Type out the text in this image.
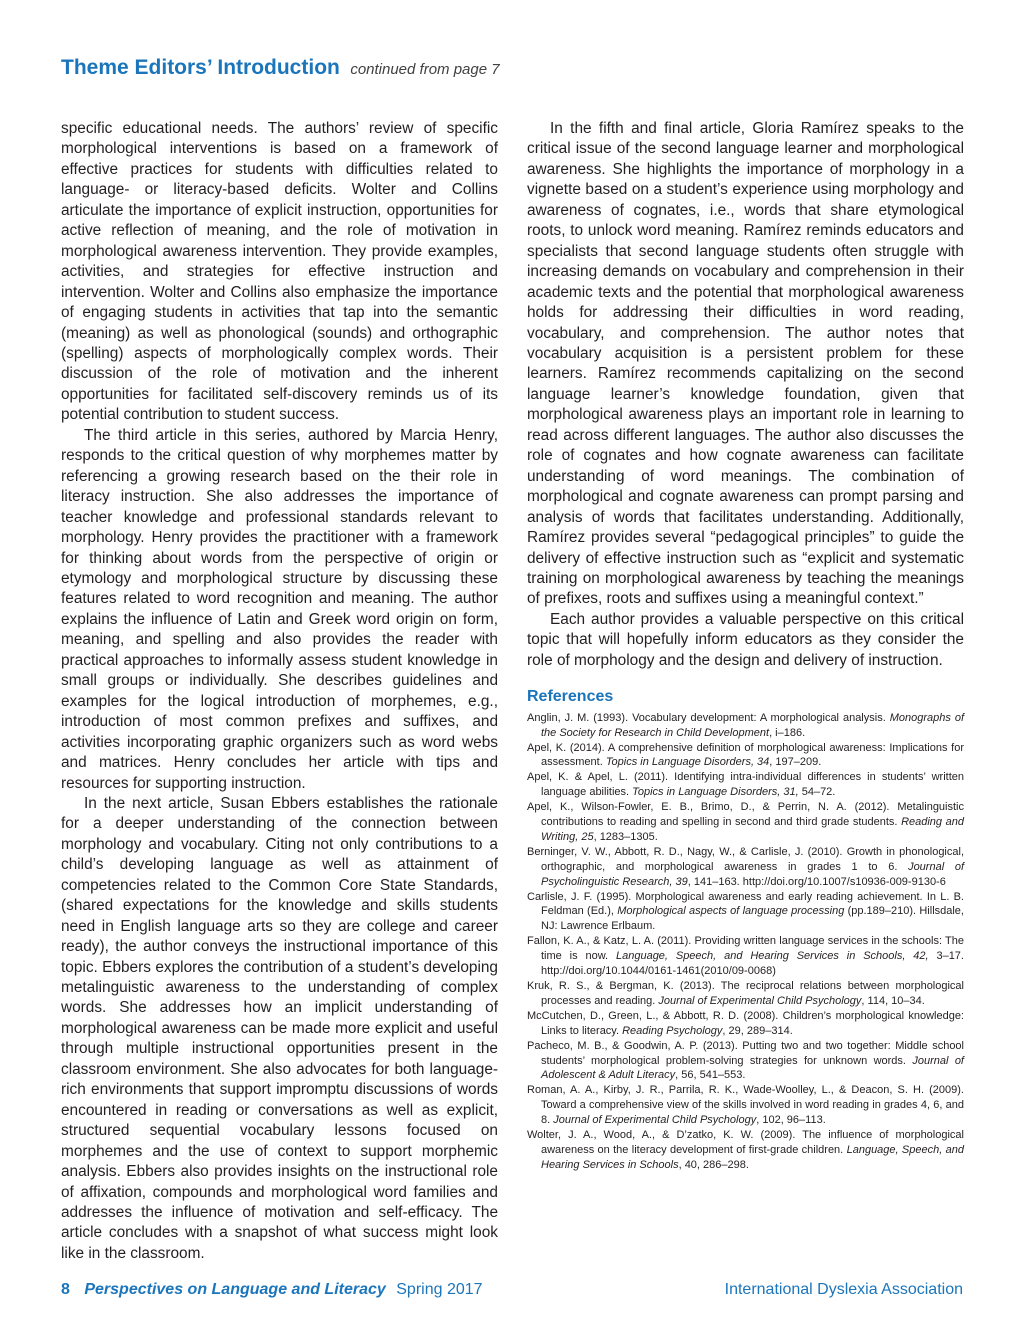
Theme Editors’ Introduction continued from page 7

specific educational needs. The authors’ review of specific morphological interventions is based on a framework of effective practices for students with difficulties related to language- or literacy-based deficits. Wolter and Collins articulate the importance of explicit instruction, opportunities for active reflection of meaning, and the role of motivation in morphological awareness intervention. They provide examples, activities, and strategies for effective instruction and intervention. Wolter and Collins also emphasize the importance of engaging students in activities that tap into the semantic (meaning) as well as phonological (sounds) and orthographic (spelling) aspects of morphologically complex words. Their discussion of the role of motivation and the inherent opportunities for facilitated self-discovery reminds us of its potential contribution to student success.

The third article in this series, authored by Marcia Henry, responds to the critical question of why morphemes matter by referencing a growing research based on the their role in literacy instruction. She also addresses the importance of teacher knowledge and professional standards relevant to morphology. Henry provides the practitioner with a framework for thinking about words from the perspective of origin or etymology and morphological structure by discussing these features related to word recognition and meaning. The author explains the influence of Latin and Greek word origin on form, meaning, and spelling and also provides the reader with practical approaches to informally assess student knowledge in small groups or individually. She describes guidelines and examples for the logical introduction of morphemes, e.g., introduction of most common prefixes and suffixes, and activities incorporating graphic organizers such as word webs and matrices. Henry concludes her article with tips and resources for supporting instruction.

In the next article, Susan Ebbers establishes the rationale for a deeper understanding of the connection between morphology and vocabulary. Citing not only contributions to a child’s developing language as well as attainment of competencies related to the Common Core State Standards, (shared expectations for the knowledge and skills students need in English language arts so they are college and career ready), the author conveys the instructional importance of this topic. Ebbers explores the contribution of a student’s developing metalinguistic awareness to the understanding of complex words. She addresses how an implicit understanding of morphological awareness can be made more explicit and useful through multiple instructional opportunities present in the classroom environment. She also advocates for both language-rich environments that support impromptu discussions of words encountered in reading or conversations as well as explicit, structured sequential vocabulary lessons focused on morphemes and the use of context to support morphemic analysis. Ebbers also provides insights on the instructional role of affixation, compounds and morphological word families and addresses the influence of motivation and self-efficacy. The article concludes with a snapshot of what success might look like in the classroom.

In the fifth and final article, Gloria Ramírez speaks to the critical issue of the second language learner and morphological awareness. She highlights the importance of morphology in a vignette based on a student’s experience using morphology and awareness of cognates, i.e., words that share etymological roots, to unlock word meaning. Ramírez reminds educators and specialists that second language students often struggle with increasing demands on vocabulary and comprehension in their academic texts and the potential that morphological awareness holds for addressing their difficulties in word reading, vocabulary, and comprehension. The author notes that vocabulary acquisition is a persistent problem for these learners. Ramírez recommends capitalizing on the second language learner’s knowledge foundation, given that morphological awareness plays an important role in learning to read across different languages. The author also discusses the role of cognates and how cognate awareness can facilitate understanding of word meanings. The combination of morphological and cognate awareness can prompt parsing and analysis of words that facilitates understanding. Additionally, Ramírez provides several “pedagogical principles” to guide the delivery of effective instruction such as “explicit and systematic training on morphological awareness by teaching the meanings of prefixes, roots and suffixes using a meaningful context.”

Each author provides a valuable perspective on this critical topic that will hopefully inform educators as they consider the role of morphology and the design and delivery of instruction.

References

Anglin, J. M. (1993). Vocabulary development: A morphological analysis. Monographs of the Society for Research in Child Development, i–186.

Apel, K. (2014). A comprehensive definition of morphological awareness: Implications for assessment. Topics in Language Disorders, 34, 197–209.

Apel, K. & Apel, L. (2011). Identifying intra-individual differences in students’ written language abilities. Topics in Language Disorders, 31, 54–72.

Apel, K., Wilson-Fowler, E. B., Brimo, D., & Perrin, N. A. (2012). Metalinguistic contributions to reading and spelling in second and third grade students. Reading and Writing, 25, 1283–1305.

Berninger, V. W., Abbott, R. D., Nagy, W., & Carlisle, J. (2010). Growth in phonological, orthographic, and morphological awareness in grades 1 to 6. Journal of Psycholinguistic Research, 39, 141–163. http://doi.org/10.1007/s10936-009-9130-6

Carlisle, J. F. (1995). Morphological awareness and early reading achievement. In L. B. Feldman (Ed.), Morphological aspects of language processing (pp.189–210). Hillsdale, NJ: Lawrence Erlbaum.

Fallon, K. A., & Katz, L. A. (2011). Providing written language services in the schools: The time is now. Language, Speech, and Hearing Services in Schools, 42, 3–17. http://doi.org/10.1044/0161-1461(2010/09-0068)

Kruk, R. S., & Bergman, K. (2013). The reciprocal relations between morphological processes and reading. Journal of Experimental Child Psychology, 114, 10–34.

McCutchen, D., Green, L., & Abbott, R. D. (2008). Children’s morphological knowledge: Links to literacy. Reading Psychology, 29, 289–314.

Pacheco, M. B., & Goodwin, A. P. (2013). Putting two and two together: Middle school students’ morphological problem-solving strategies for unknown words. Journal of Adolescent & Adult Literacy, 56, 541–553.

Roman, A. A., Kirby, J. R., Parrila, R. K., Wade-Woolley, L., & Deacon, S. H. (2009). Toward a comprehensive view of the skills involved in word reading in grades 4, 6, and 8. Journal of Experimental Child Psychology, 102, 96–113.

Wolter, J. A., Wood, A., & D’zatko, K. W. (2009). The influence of morphological awareness on the literacy development of first-grade children. Language, Speech, and Hearing Services in Schools, 40, 286–298.

8 Perspectives on Language and Literacy Spring 2017	International Dyslexia Association
